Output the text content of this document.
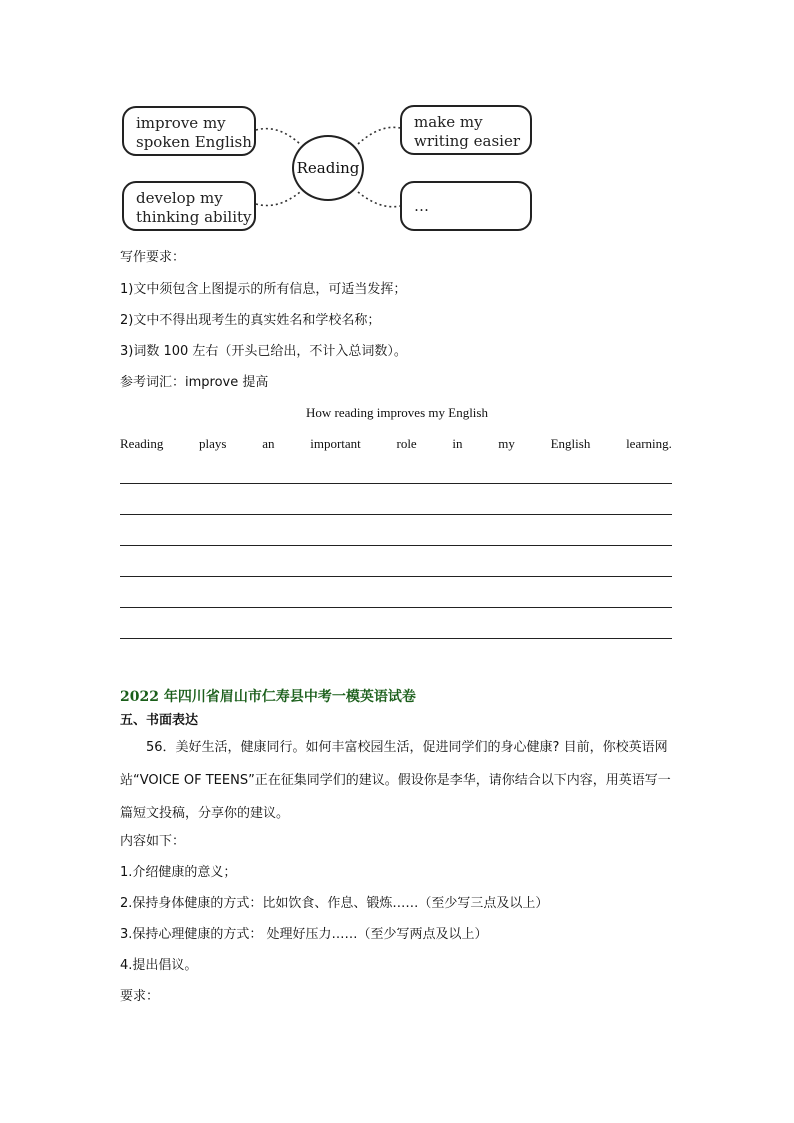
improve my
spoken English
develop my
thinking ability
Reading
make my
writing easier
…
写作要求：
1)文中须包含上图提示的所有信息，可适当发挥；
2)文中不得出现考生的真实姓名和学校名称；
3)词数 100 左右（开头已给出，不计入总词数）。
参考词汇：improve 提高
How reading improves my English
Reading	plays	an	important	role	in	my	English	learning.
2022 年四川省眉山市仁寿县中考一模英语试卷
五、书面表达
56．美好生活，健康同行。如何丰富校园生活，促进同学们的身心健康? 目前，你校英语网站“VOICE OF TEENS”正在征集同学们的建议。假设你是李华，请你结合以下内容，用英语写一篇短文投稿，分享你的建议。
内容如下：
1.介绍健康的意义；
2.保持身体健康的方式：比如饮食、作息、锻炼……（至少写三点及以上）
3.保持心理健康的方式： 处理好压力……（至少写两点及以上）
4.提出倡议。
要求：
